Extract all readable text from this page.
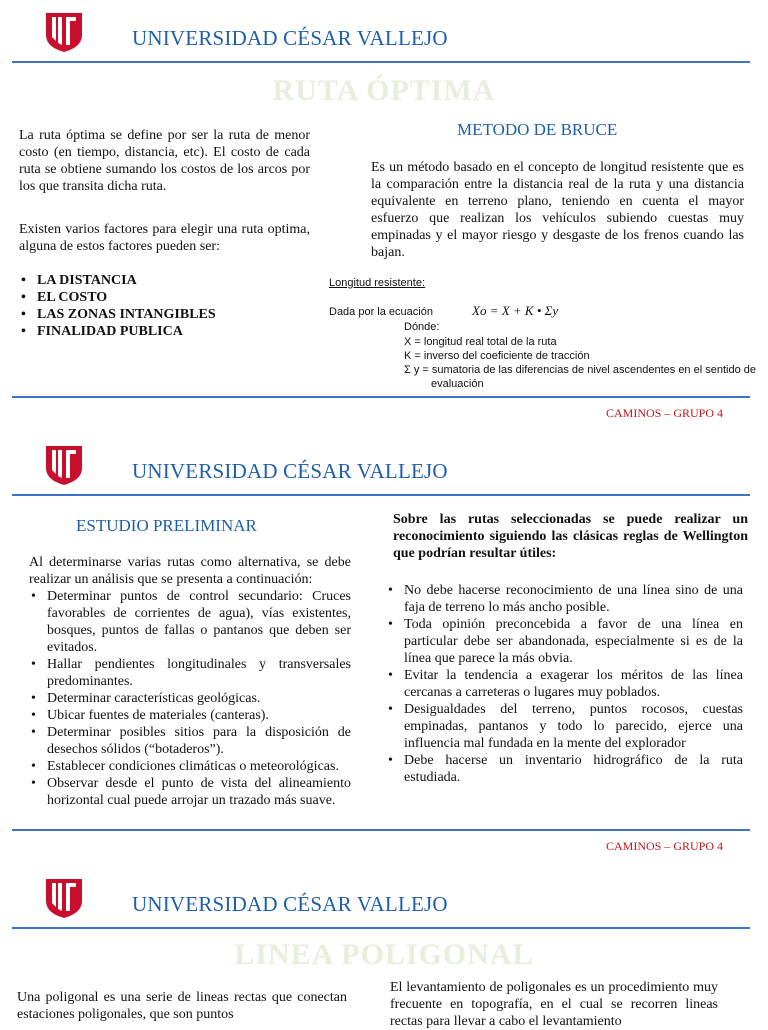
UNIVERSIDAD CÉSAR VALLEJO
RUTA ÓPTIMA
La ruta óptima se define por ser la ruta de menor costo (en tiempo, distancia, etc). El costo de cada ruta se obtiene sumando los costos de los arcos por los que transita dicha ruta.
Existen varios factores para elegir una ruta optima, alguna de estos factores pueden ser:
• LA DISTANCIA
• EL COSTO
• LAS ZONAS INTANGIBLES
• FINALIDAD PUBLICA
METODO DE BRUCE
Es un método basado en el concepto de longitud resistente que es la comparación entre la distancia real de la ruta y una distancia equivalente en terreno plano, teniendo en cuenta el mayor esfuerzo que realizan los vehículos subiendo cuestas muy empinadas y el mayor riesgo y desgaste de los frenos cuando las bajan.
Longitud resistente:
Dada por la ecuación	Xo = X + K • Σy
Dónde:
X = longitud real total de la ruta
K = inverso del coeficiente de tracción
Σ y = sumatoria de las diferencias de nivel ascendentes en el sentido de
evaluación
CAMINOS – GRUPO 4
UNIVERSIDAD CÉSAR VALLEJO
ESTUDIO PRELIMINAR
Al determinarse varias rutas como alternativa, se debe realizar un análisis que se presenta a continuación:
• Determinar puntos de control secundario: Cruces favorables de corrientes de agua), vías existentes, bosques, puntos de fallas o pantanos que deben ser evitados.
• Hallar pendientes longitudinales y transversales predominantes.
• Determinar características geológicas.
• Ubicar fuentes de materiales (canteras).
• Determinar posibles sitios para la disposición de desechos sólidos (“botaderos”).
• Establecer condiciones climáticas o meteorológicas.
• Observar desde el punto de vista del alineamiento horizontal cual puede arrojar un trazado más suave.
Sobre las rutas seleccionadas se puede realizar un reconocimiento siguiendo las clásicas reglas de Wellington que podrían resultar útiles:
• No debe hacerse reconocimiento de una línea sino de una faja de terreno lo más ancho posible.
• Toda opinión preconcebida a favor de una línea en particular debe ser abandonada, especialmente si es de la línea que parece la más obvia.
• Evitar la tendencia a exagerar los méritos de las línea cercanas a carreteras o lugares muy poblados.
• Desigualdades del terreno, puntos rocosos, cuestas empinadas, pantanos y todo lo parecido, ejerce una influencia mal fundada en la mente del explorador
• Debe hacerse un inventario hidrográfico de la ruta estudiada.
CAMINOS – GRUPO 4
UNIVERSIDAD CÉSAR VALLEJO
LINEA POLIGONAL
Una poligonal es una serie de lineas rectas que conectan estaciones poligonales, que son puntos
El levantamiento de poligonales es un procedimiento muy frecuente en topografía, en el cual se recorren lineas rectas para llevar a cabo el levantamiento
